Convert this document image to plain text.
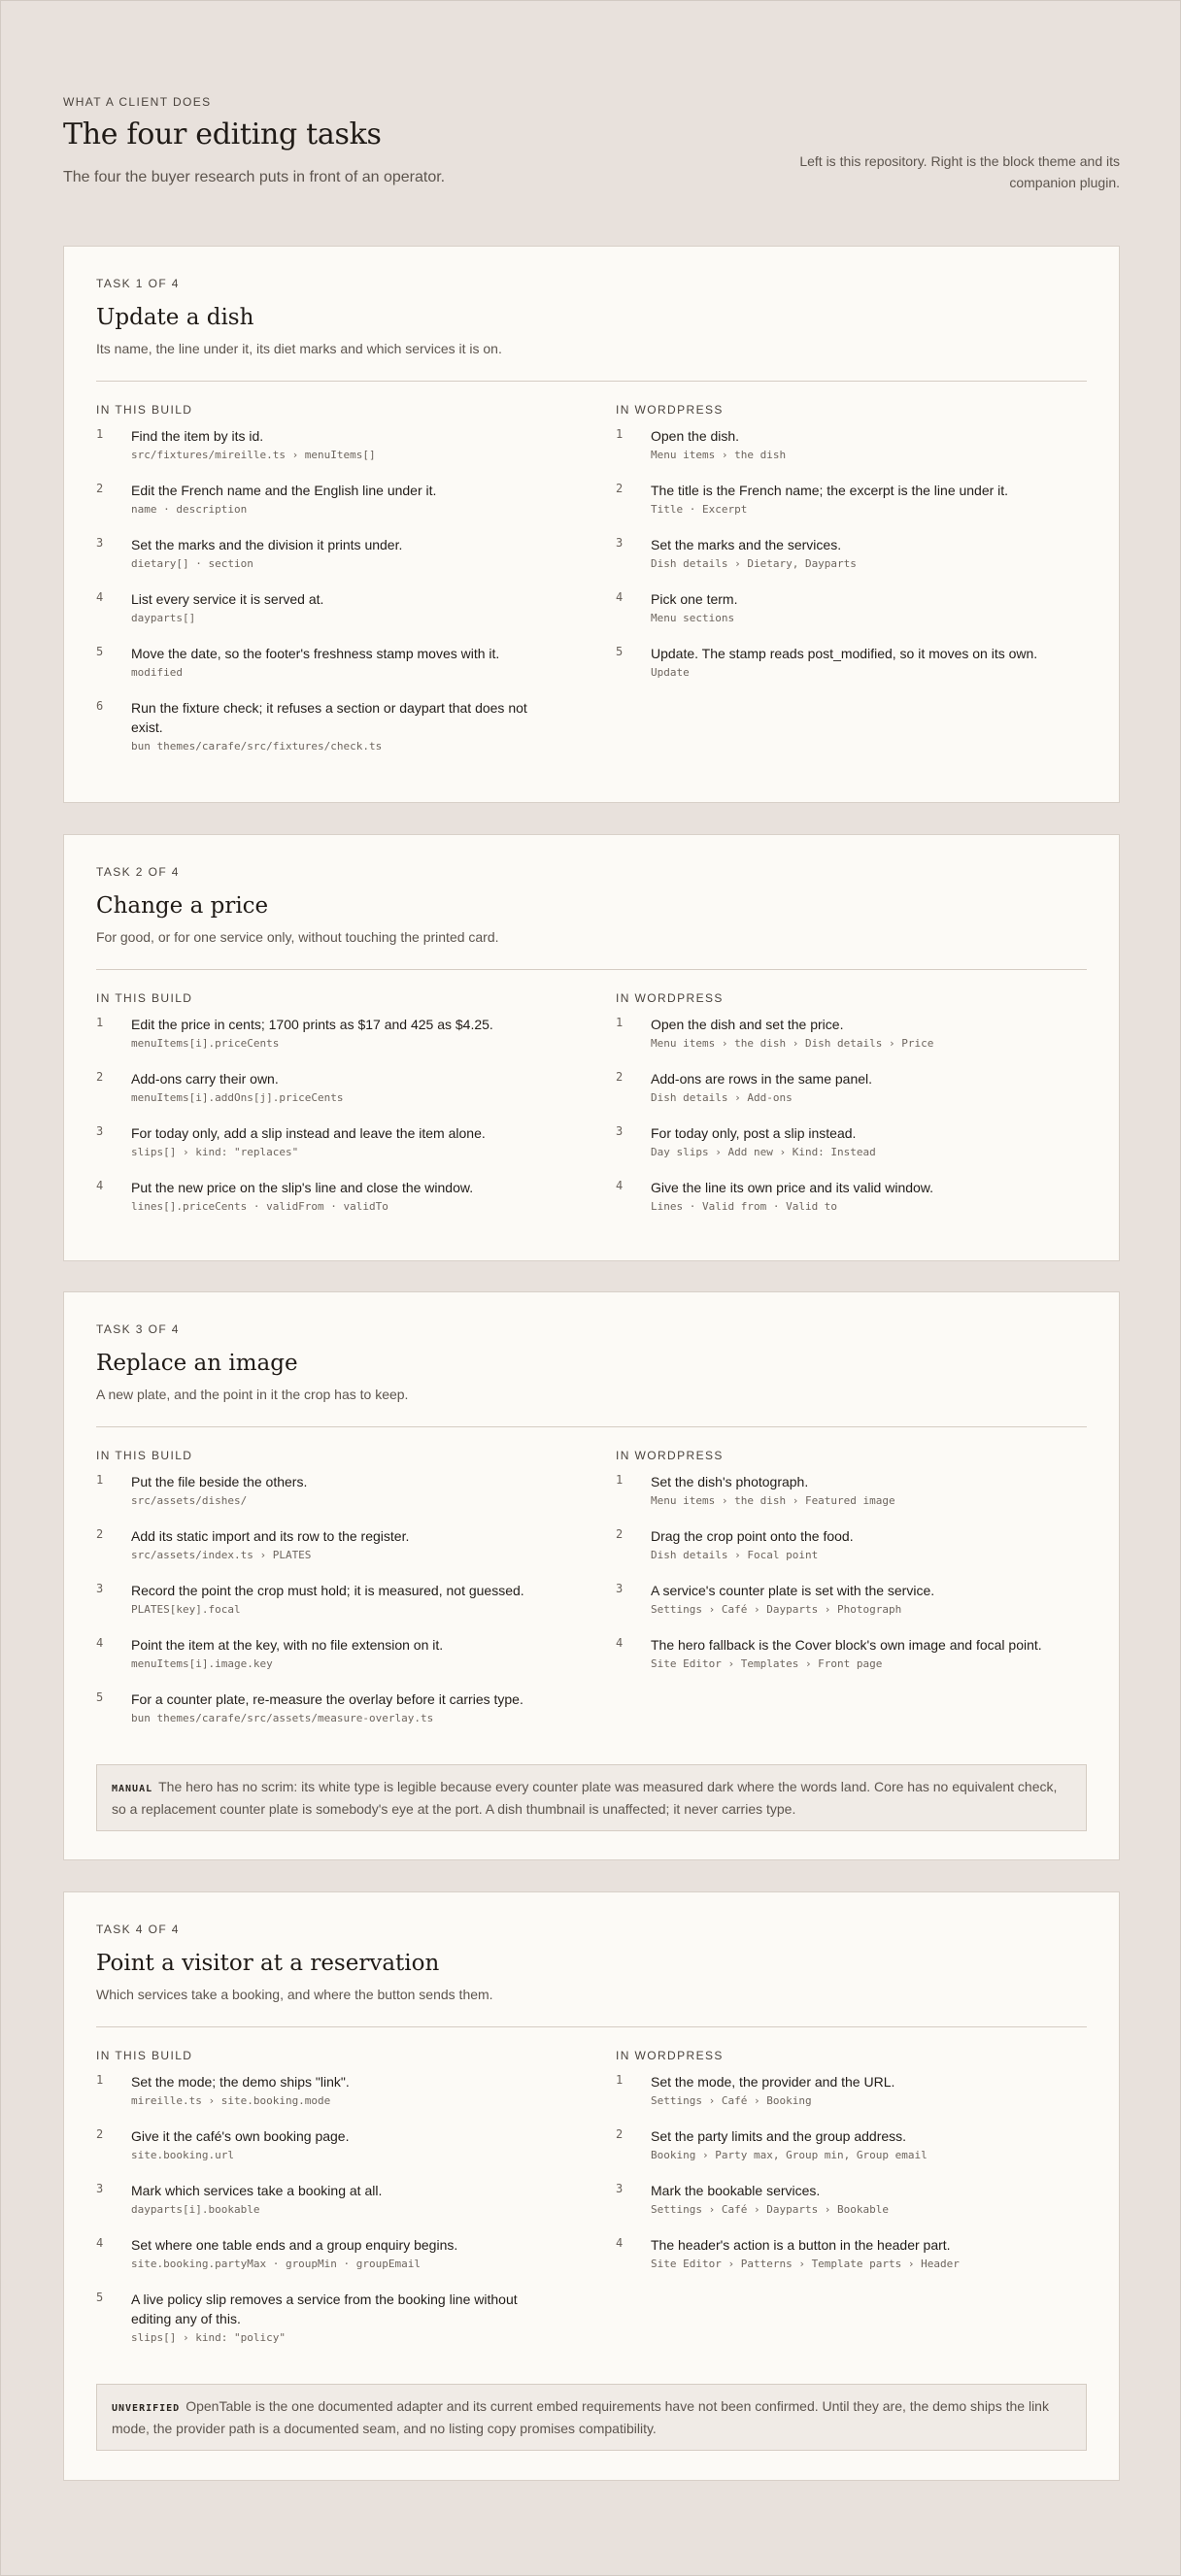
WHAT A CLIENT DOES
The four editing tasks
The four the buyer research puts in front of an operator.
Left is this repository. Right is the block theme and its companion plugin.
TASK 1 OF 4
Update a dish
Its name, the line under it, its diet marks and which services it is on.
IN THIS BUILD
1 Find the item by its id.
src/fixtures/mireille.ts › menuItems[]
2 Edit the French name and the English line under it.
name · description
3 Set the marks and the division it prints under.
dietary[] · section
4 List every service it is served at.
dayparts[]
5 Move the date, so the footer's freshness stamp moves with it.
modified
6 Run the fixture check; it refuses a section or daypart that does not exist.
bun themes/carafe/src/fixtures/check.ts
IN WORDPRESS
1 Open the dish.
Menu items › the dish
2 The title is the French name; the excerpt is the line under it.
Title · Excerpt
3 Set the marks and the services.
Dish details › Dietary, Dayparts
4 Pick one term.
Menu sections
5 Update. The stamp reads post_modified, so it moves on its own.
Update
TASK 2 OF 4
Change a price
For good, or for one service only, without touching the printed card.
IN THIS BUILD
1 Edit the price in cents; 1700 prints as $17 and 425 as $4.25.
menuItems[i].priceCents
2 Add-ons carry their own.
menuItems[i].addOns[j].priceCents
3 For today only, add a slip instead and leave the item alone.
slips[] › kind: "replaces"
4 Put the new price on the slip's line and close the window.
lines[].priceCents · validFrom · validTo
IN WORDPRESS
1 Open the dish and set the price.
Menu items › the dish › Dish details › Price
2 Add-ons are rows in the same panel.
Dish details › Add-ons
3 For today only, post a slip instead.
Day slips › Add new › Kind: Instead
4 Give the line its own price and its valid window.
Lines · Valid from · Valid to
TASK 3 OF 4
Replace an image
A new plate, and the point in it the crop has to keep.
IN THIS BUILD
1 Put the file beside the others.
src/assets/dishes/
2 Add its static import and its row to the register.
src/assets/index.ts › PLATES
3 Record the point the crop must hold; it is measured, not guessed.
PLATES[key].focal
4 Point the item at the key, with no file extension on it.
menuItems[i].image.key
5 For a counter plate, re-measure the overlay before it carries type.
bun themes/carafe/src/assets/measure-overlay.ts
IN WORDPRESS
1 Set the dish's photograph.
Menu items › the dish › Featured image
2 Drag the crop point onto the food.
Dish details › Focal point
3 A service's counter plate is set with the service.
Settings › Café › Dayparts › Photograph
4 The hero fallback is the Cover block's own image and focal point.
Site Editor › Templates › Front page
MANUAL The hero has no scrim: its white type is legible because every counter plate was measured dark where the words land. Core has no equivalent check, so a replacement counter plate is somebody's eye at the port. A dish thumbnail is unaffected; it never carries type.
TASK 4 OF 4
Point a visitor at a reservation
Which services take a booking, and where the button sends them.
IN THIS BUILD
1 Set the mode; the demo ships "link".
mireille.ts › site.booking.mode
2 Give it the café's own booking page.
site.booking.url
3 Mark which services take a booking at all.
dayparts[i].bookable
4 Set where one table ends and a group enquiry begins.
site.booking.partyMax · groupMin · groupEmail
5 A live policy slip removes a service from the booking line without editing any of this.
slips[] › kind: "policy"
IN WORDPRESS
1 Set the mode, the provider and the URL.
Settings › Café › Booking
2 Set the party limits and the group address.
Booking › Party max, Group min, Group email
3 Mark the bookable services.
Settings › Café › Dayparts › Bookable
4 The header's action is a button in the header part.
Site Editor › Patterns › Template parts › Header
UNVERIFIED OpenTable is the one documented adapter and its current embed requirements have not been confirmed. Until they are, the demo ships the link mode, the provider path is a documented seam, and no listing copy promises compatibility.
